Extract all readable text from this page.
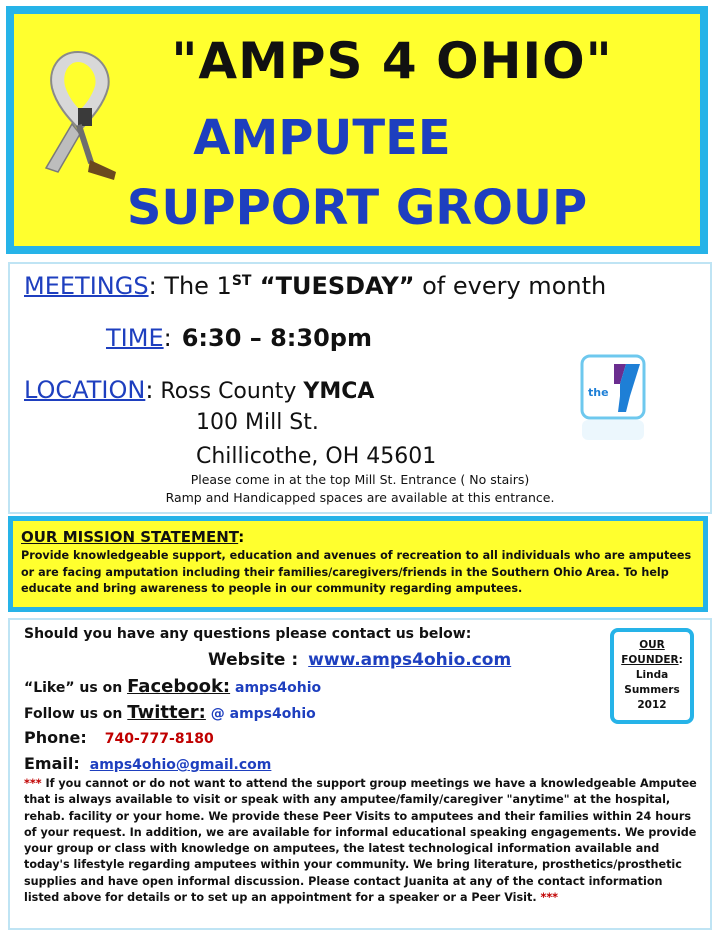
"AMPS 4 OHIO"
AMPUTEE
SUPPORT GROUP
MEETINGS: The 1ST “TUESDAY” of every month
TIME: 6:30 – 8:30pm
LOCATION: Ross County YMCA
100 Mill St.
Chillicothe, OH 45601
Please come in at the top Mill St. Entrance ( No stairs)
Ramp and Handicapped spaces are available at this entrance.
the
OUR MISSION STATEMENT:
Provide knowledgeable support, education and avenues of recreation to all individuals who are amputees or are facing amputation including their families/caregivers/friends in the Southern Ohio Area. To help educate and bring awareness to people in our community regarding amputees.
Should you have any questions please contact us below:
Website : www.amps4ohio.com
“Like” us on Facebook: amps4ohio
Follow us on Twitter: @ amps4ohio
Phone: 740-777-8180
Email: amps4ohio@gmail.com
*** If you cannot or do not want to attend the support group meetings we have a knowledgeable Amputee that is always available to visit or speak with any amputee/family/caregiver "anytime" at the hospital, rehab. facility or your home. We provide these Peer Visits to amputees and their families within 24 hours of your request. In addition, we are available for informal educational speaking engagements. We provide your group or class with knowledge on amputees, the latest technological information available and today's lifestyle regarding amputees within your community. We bring literature, prosthetics/prosthetic supplies and have open informal discussion. Please contact Juanita at any of the contact information listed above for details or to set up an appointment for a speaker or a Peer Visit. ***
OUR
FOUNDER:
Linda
Summers
2012
